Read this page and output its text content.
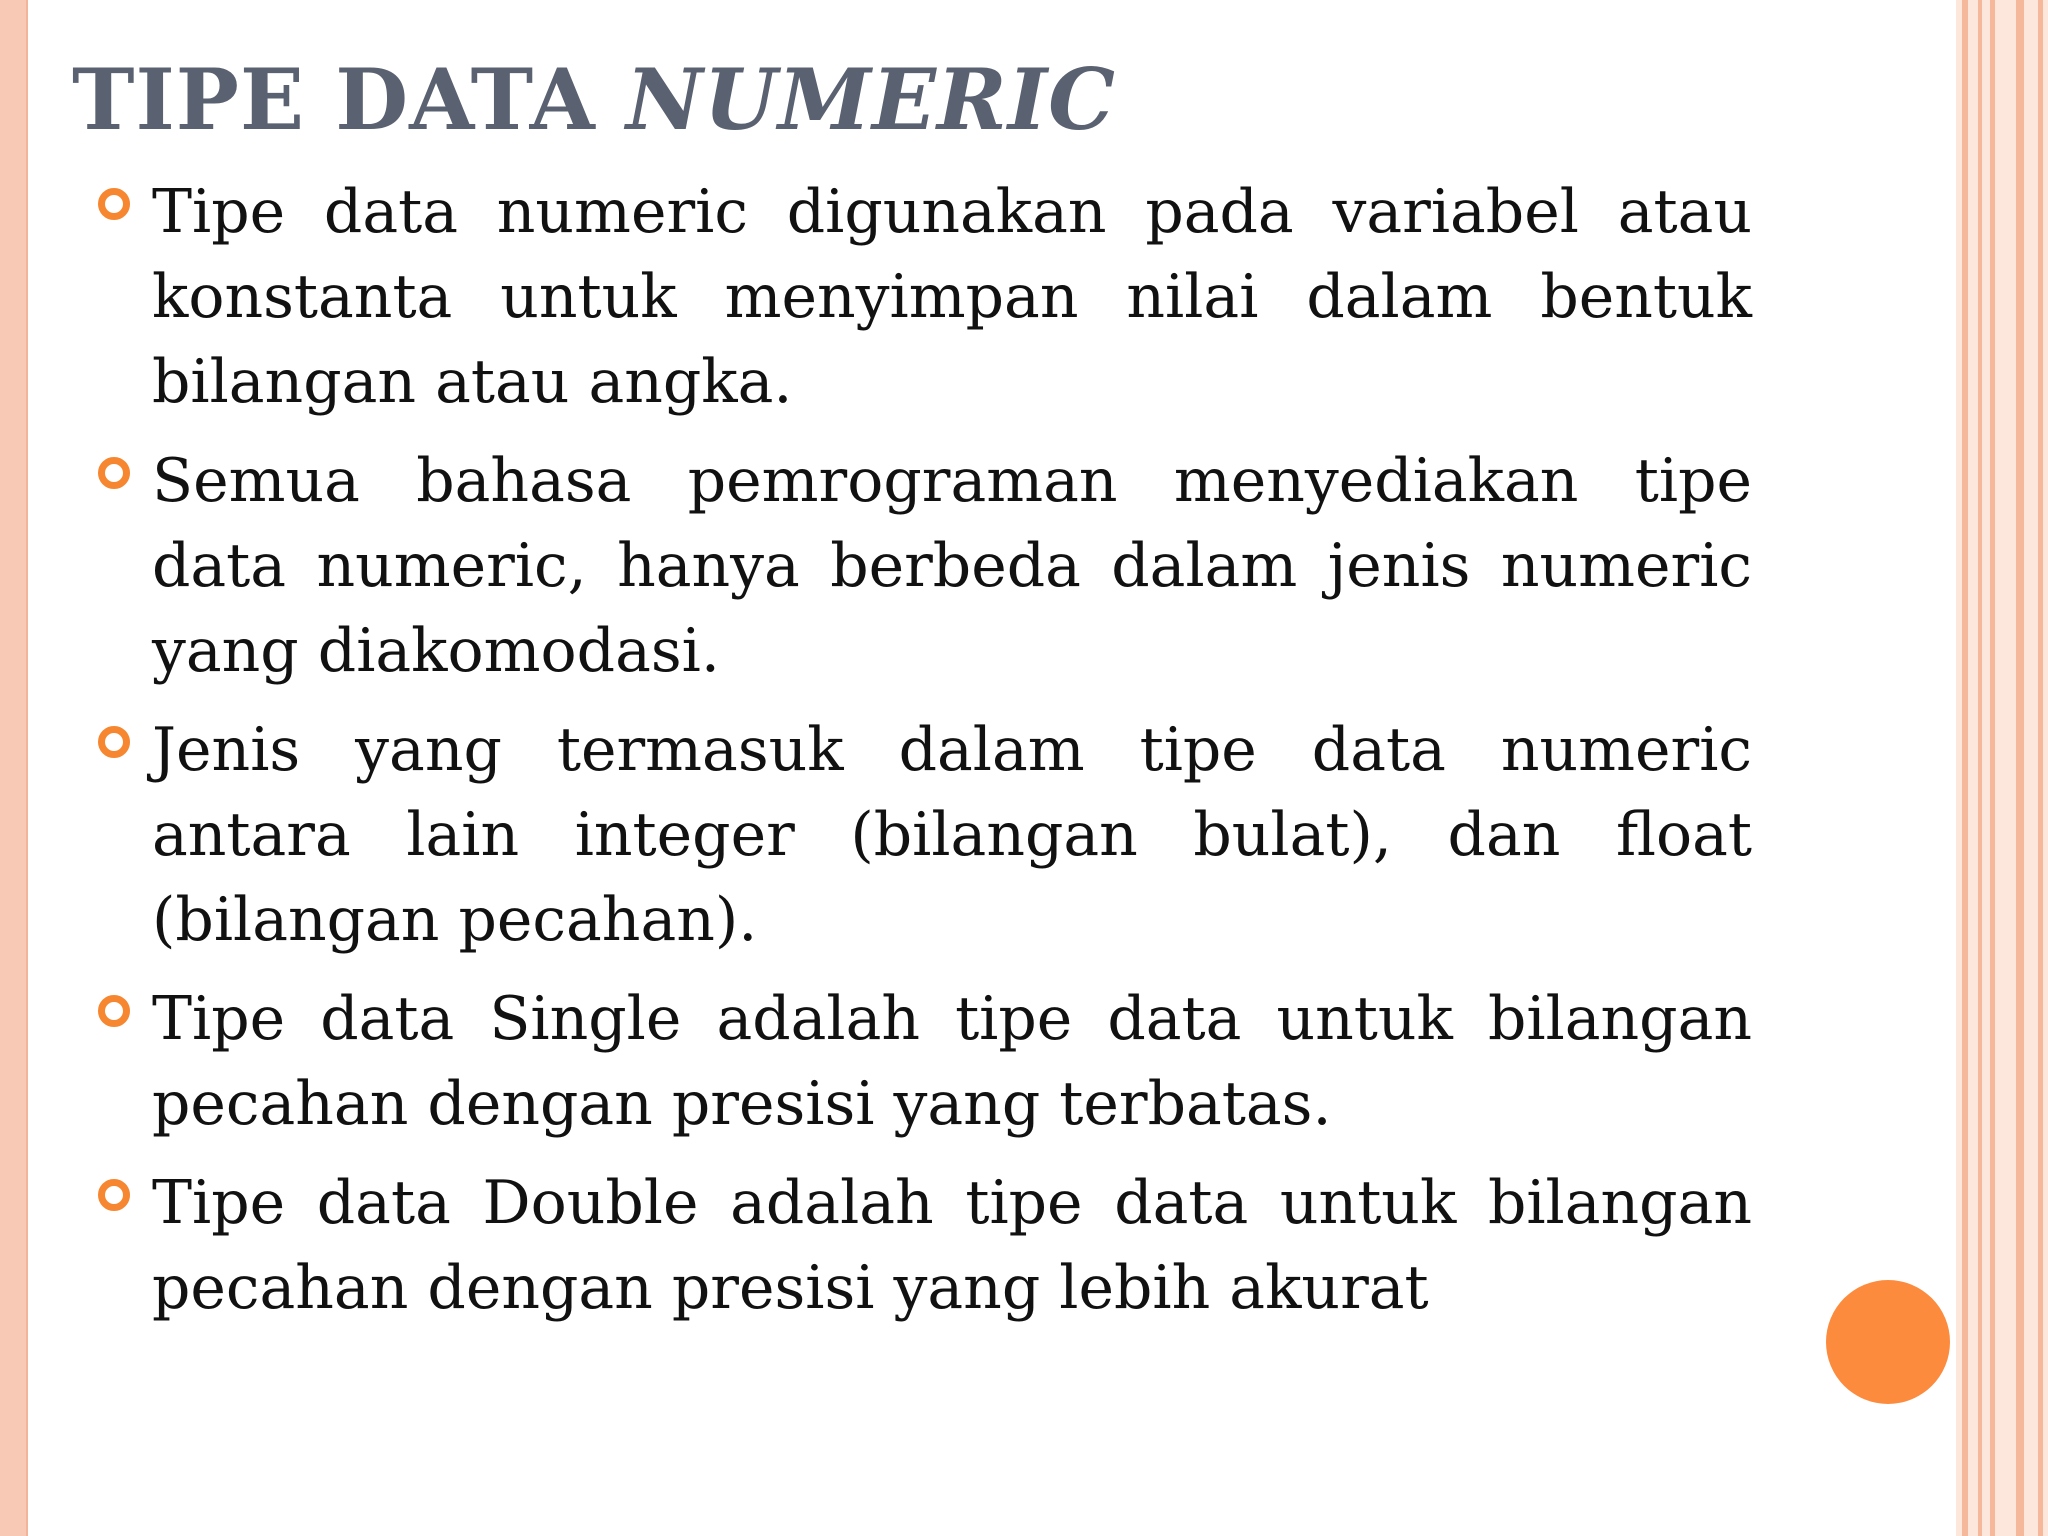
TIPE DATA NUMERIC
Tipe data numeric digunakan pada variabel atau konstanta untuk menyimpan nilai dalam bentuk bilangan atau angka.
Semua bahasa pemrograman menyediakan tipe data numeric, hanya berbeda dalam jenis numeric yang diakomodasi.
Jenis yang termasuk dalam tipe data numeric antara lain integer (bilangan bulat), dan float (bilangan pecahan).
Tipe data Single adalah tipe data untuk bilangan pecahan dengan presisi yang terbatas.
Tipe data Double adalah tipe data untuk bilangan pecahan dengan presisi yang lebih akurat
